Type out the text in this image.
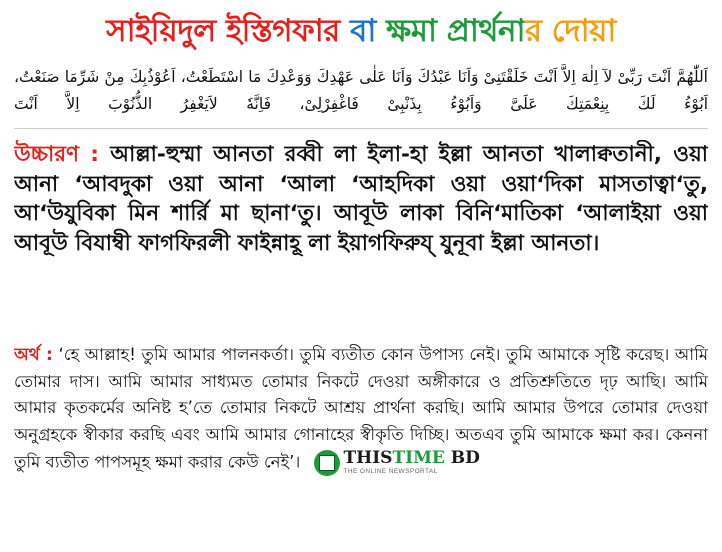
সাইয়িদুল ইস্তিগফার বা ক্ষমা প্রার্থনার দোয়া
اَللّٰهُمَّ اَنْتَ رَبِّىْ لآ اِلٰهَ اِلاَّ اَنْتَ خَلَقْتَنِىْ وَاَنَا عَبْدُكَ وَاَنَا عَلٰى عَهْدِكَ وَوَعْدِكَ مَا اسْتَطَعْتُ، اَعُوْذُبِكَ مِنْ شَرِّمَا صَنَعْتُ، اَبُوْءُ لَكَ بِنِعْمَتِكَ عَلَىَّ وَاَبُوْءُ بِذَنْبِىْ فَاغْفِرْلِىْ، فَاِنَّهٗ لاَيَغْفِرُ الذُّنُوْبَ اِلاَّ اَنْتَ
উচ্চারণ : আল্লা-হুম্মা আনতা রব্বী লা ইলা-হা ইল্লা আনতা খালাক্বতানী, ওয়া আনা ‘আবদুকা ওয়া আনা ‘আলা ‘আহদিকা ওয়া ওয়া‘দিকা মাসতাত্বা‘তু, আ‘উযুবিকা মিন শার্রি মা ছানা‘তু। আবূউ লাকা বিনি‘মাতিকা ‘আলাইয়া ওয়া আবূউ বিযাম্বী ফাগফিরলী ফাইন্নাহূ লা ইয়াগফিরুয্ যুনূবা ইল্লা আনতা।
অর্থ : ‘হে আল্লাহ! তুমি আমার পালনকর্তা। তুমি ব্যতীত কোন উপাস্য নেই। তুমি আমাকে সৃষ্টি করেছ। আমি তোমার দাস। আমি আমার সাধ্যমত তোমার নিকটে দেওয়া অঙ্গীকারে ও প্রতিশ্রুতিতে দৃঢ় আছি। আমি আমার কৃতকর্মের অনিষ্ট হ’তে তোমার নিকটে আশ্রয় প্রার্থনা করছি। আমি আমার উপরে তোমার দেওয়া অনুগ্রহকে স্বীকার করছি এবং আমি আমার গোনাহের স্বীকৃতি দিচ্ছি। অতএব তুমি আমাকে ক্ষমা কর। কেননা তুমি ব্যতীত পাপসমূহ ক্ষমা করার কেউ নেই’।	THISTIME BD
THE ONLINE NEWSPORTAL
